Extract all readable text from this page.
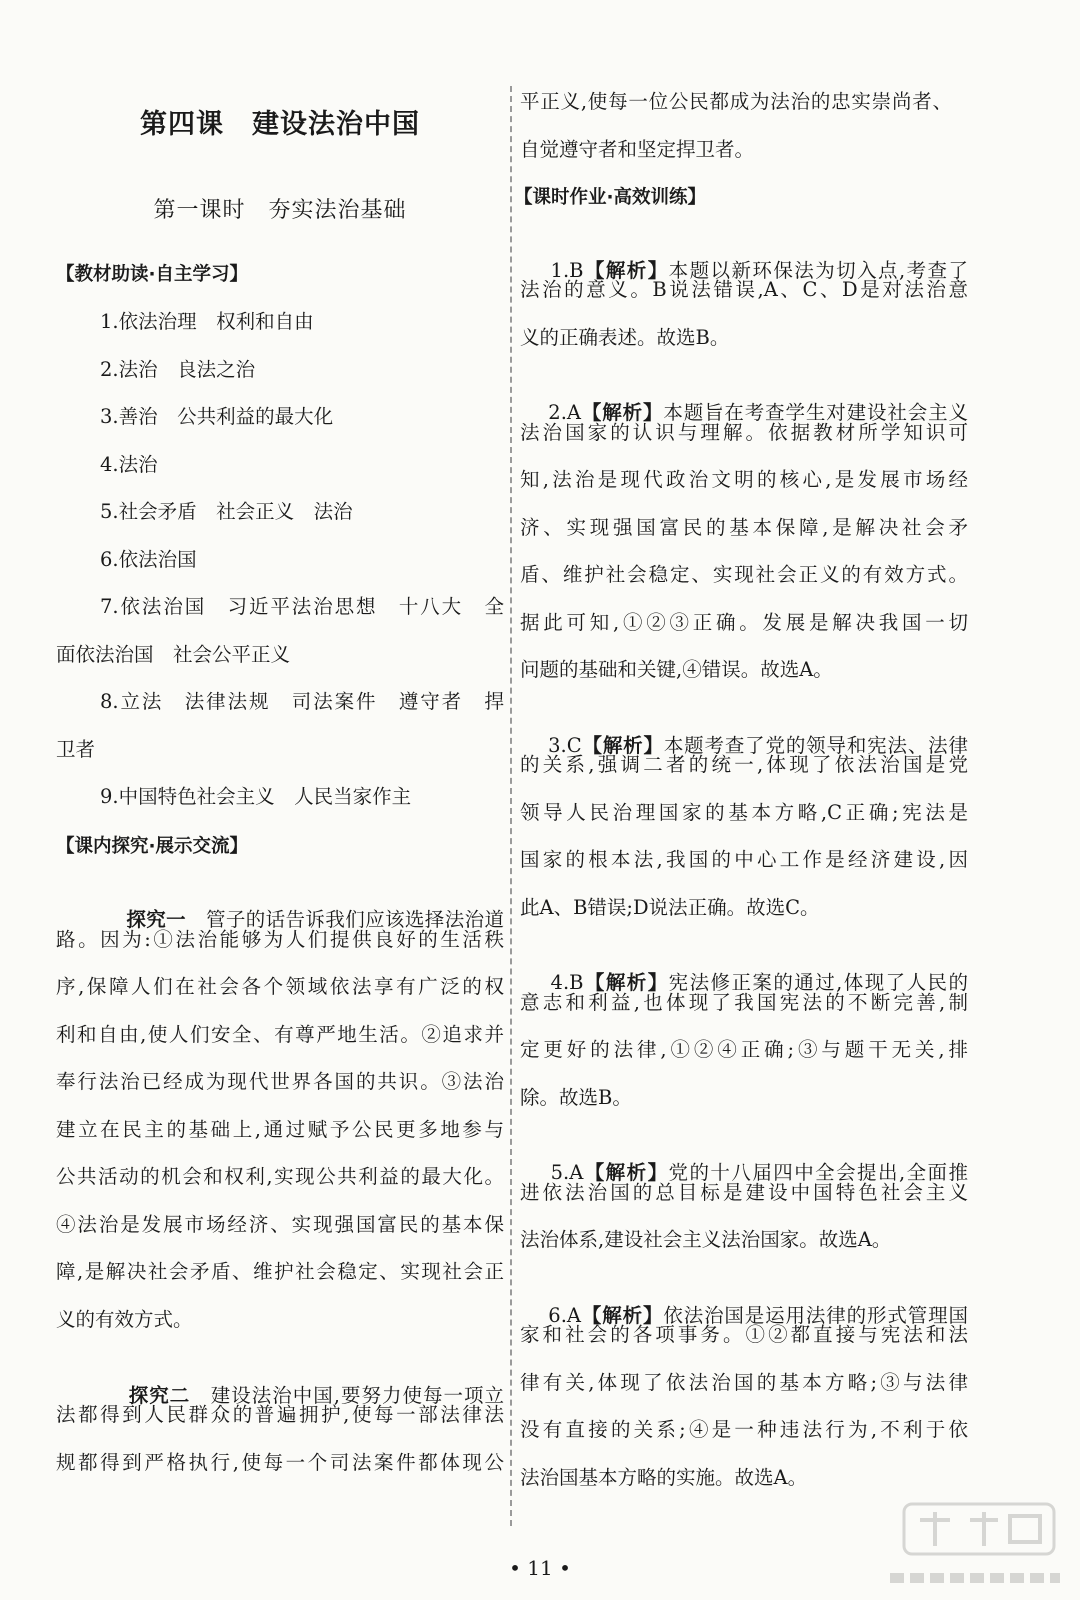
第四课　建设法治中国
第一课时　夯实法治基础
【教材助读·自主学习】
1.依法治理　权利和自由
2.法治　良法之治
3.善治　公共利益的最大化
4.法治
5.社会矛盾　社会正义　法治
6.依法治国
7.依法治国　习近平法治思想　十八大　全
面依法治国　社会公平正义
8.立法　法律法规　司法案件　遵守者　捍
卫者
9.中国特色社会主义　人民当家作主
【课内探究·展示交流】

探究一　 管子的话告诉我们应该选择法治道

路。因为:①法治能够为人们提供良好的生活秩
序,保障人们在社会各个领域依法享有广泛的权
利和自由,使人们安全、有尊严地生活。②追求并
奉行法治已经成为现代世界各国的共识。③法治
建立在民主的基础上,通过赋予公民更多地参与
公共活动的机会和权利,实现公共利益的最大化。
④法治是发展市场经济、实现强国富民的基本保
障,是解决社会矛盾、维护社会稳定、实现社会正
义的有效方式。

探究二　 建设法治中国,要努力使每一项立

法都得到人民群众的普遍拥护,使每一部法律法
规都得到严格执行,使每一个司法案件都体现公
平正义,使每一位公民都成为法治的忠实崇尚者、
自觉遵守者和坚定捍卫者。
【课时作业·高效训练】

1.B【解析】本题以新环保法为切入点,考查了

法治的意义。B说法错误,A、C、D是对法治意
义的正确表述。故选B。

2.A【解析】本题旨在考查学生对建设社会主义

法治国家的认识与理解。依据教材所学知识可
知,法治是现代政治文明的核心,是发展市场经
济、实现强国富民的基本保障,是解决社会矛
盾、维护社会稳定、实现社会正义的有效方式。
据此可知,①②③正确。发展是解决我国一切
问题的基础和关键,④错误。故选A。

3.C【解析】本题考查了党的领导和宪法、法律

的关系,强调二者的统一,体现了依法治国是党
领导人民治理国家的基本方略,C正确;宪法是
国家的根本法,我国的中心工作是经济建设,因
此A、B错误;D说法正确。故选C。

4.B【解析】宪法修正案的通过,体现了人民的

意志和利益,也体现了我国宪法的不断完善,制
定更好的法律,①②④正确;③与题干无关,排
除。故选B。

5.A【解析】党的十八届四中全会提出,全面推

进依法治国的总目标是建设中国特色社会主义
法治体系,建设社会主义法治国家。故选A。

6.A【解析】依法治国是运用法律的形式管理国

家和社会的各项事务。①②都直接与宪法和法
律有关,体现了依法治国的基本方略;③与法律
没有直接的关系;④是一种违法行为,不利于依
法治国基本方略的实施。故选A。
• 11 •
